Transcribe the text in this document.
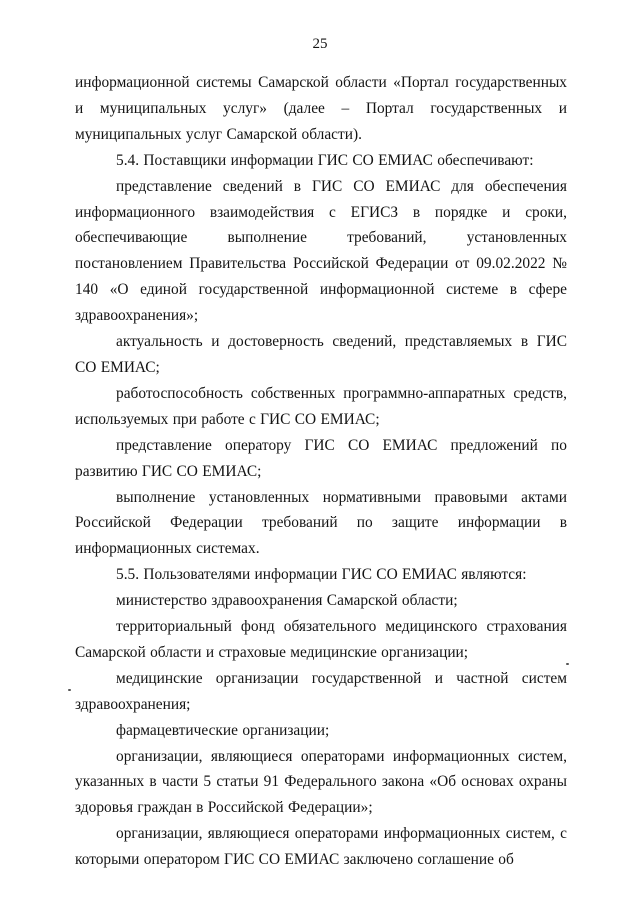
25

информационной системы Самарской области «Портал государственных и муниципальных услуг» (далее – Портал государственных и муниципальных услуг Самарской области).

5.4. Поставщики информации ГИС СО ЕМИАС обеспечивают:

представление сведений в ГИС СО ЕМИАС для обеспечения информационного взаимодействия с ЕГИСЗ в порядке и сроки, обеспечивающие выполнение требований, установленных постановлением Правительства Российской Федерации от 09.02.2022 № 140 «О единой государственной информационной системе в сфере здравоохранения»;

актуальность и достоверность сведений, представляемых в ГИС СО ЕМИАС;

работоспособность собственных программно-аппаратных средств, используемых при работе с ГИС СО ЕМИАС;

представление оператору ГИС СО ЕМИАС предложений по развитию ГИС СО ЕМИАС;

выполнение установленных нормативными правовыми актами Российской Федерации требований по защите информации в информационных системах.

5.5. Пользователями информации ГИС СО ЕМИАС являются:

министерство здравоохранения Самарской области;

территориальный фонд обязательного медицинского страхования Самарской области и страховые медицинские организации;

медицинские организации государственной и частной систем здравоохранения;

фармацевтические организации;

организации, являющиеся операторами информационных систем, указанных в части 5 статьи 91 Федерального закона «Об основах охраны здоровья граждан в Российской Федерации»;

организации, являющиеся операторами информационных систем, с которыми оператором ГИС СО ЕМИАС заключено соглашение об
